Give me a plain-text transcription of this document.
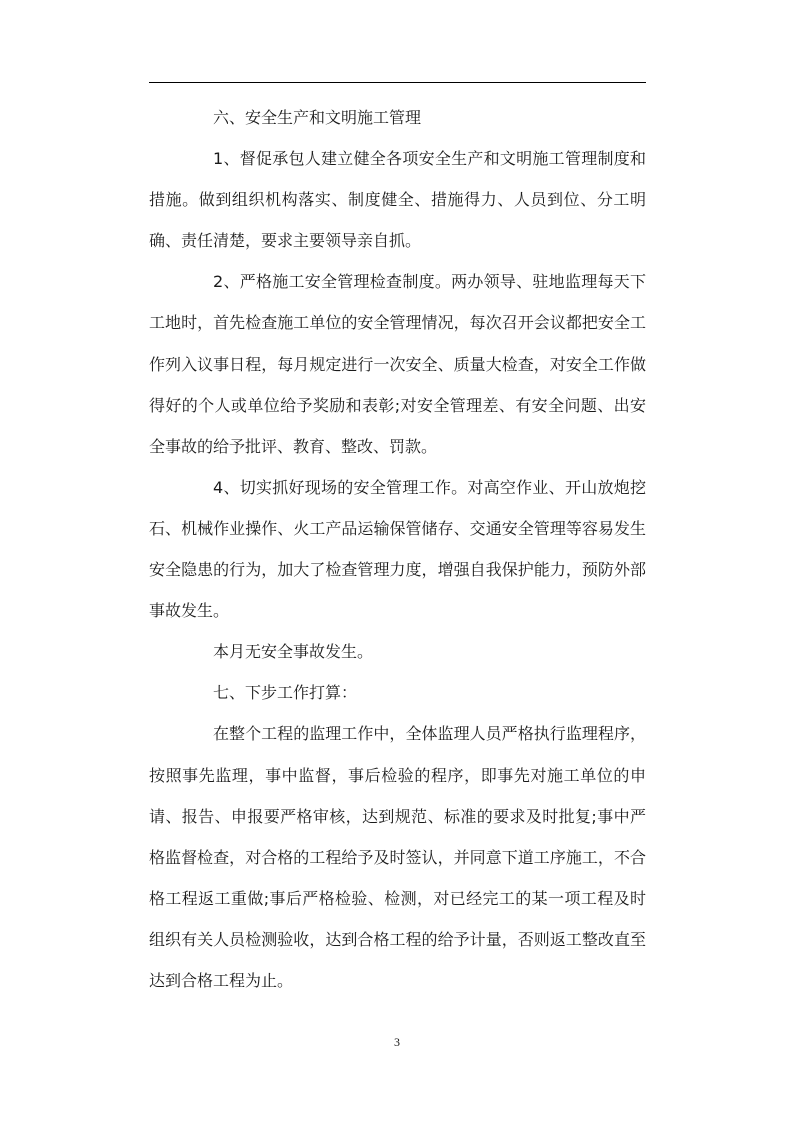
六、安全生产和文明施工管理

1、督促承包人建立健全各项安全生产和文明施工管理制度和措施。做到组织机构落实、制度健全、措施得力、人员到位、分工明确、责任清楚，要求主要领导亲自抓。

2、严格施工安全管理检查制度。两办领导、驻地监理每天下工地时，首先检查施工单位的安全管理情况，每次召开会议都把安全工作列入议事日程，每月规定进行一次安全、质量大检查，对安全工作做得好的个人或单位给予奖励和表彰;对安全管理差、有安全问题、出安全事故的给予批评、教育、整改、罚款。

4、切实抓好现场的安全管理工作。对高空作业、开山放炮挖石、机械作业操作、火工产品运输保管储存、交通安全管理等容易发生安全隐患的行为，加大了检查管理力度，增强自我保护能力，预防外部事故发生。

本月无安全事故发生。

七、下步工作打算：

在整个工程的监理工作中，全体监理人员严格执行监理程序，按照事先监理，事中监督，事后检验的程序，即事先对施工单位的申请、报告、申报要严格审核，达到规范、标准的要求及时批复;事中严格监督检查，对合格的工程给予及时签认，并同意下道工序施工，不合格工程返工重做;事后严格检验、检测，对已经完工的某一项工程及时组织有关人员检测验收，达到合格工程的给予计量，否则返工整改直至达到合格工程为止。

3
